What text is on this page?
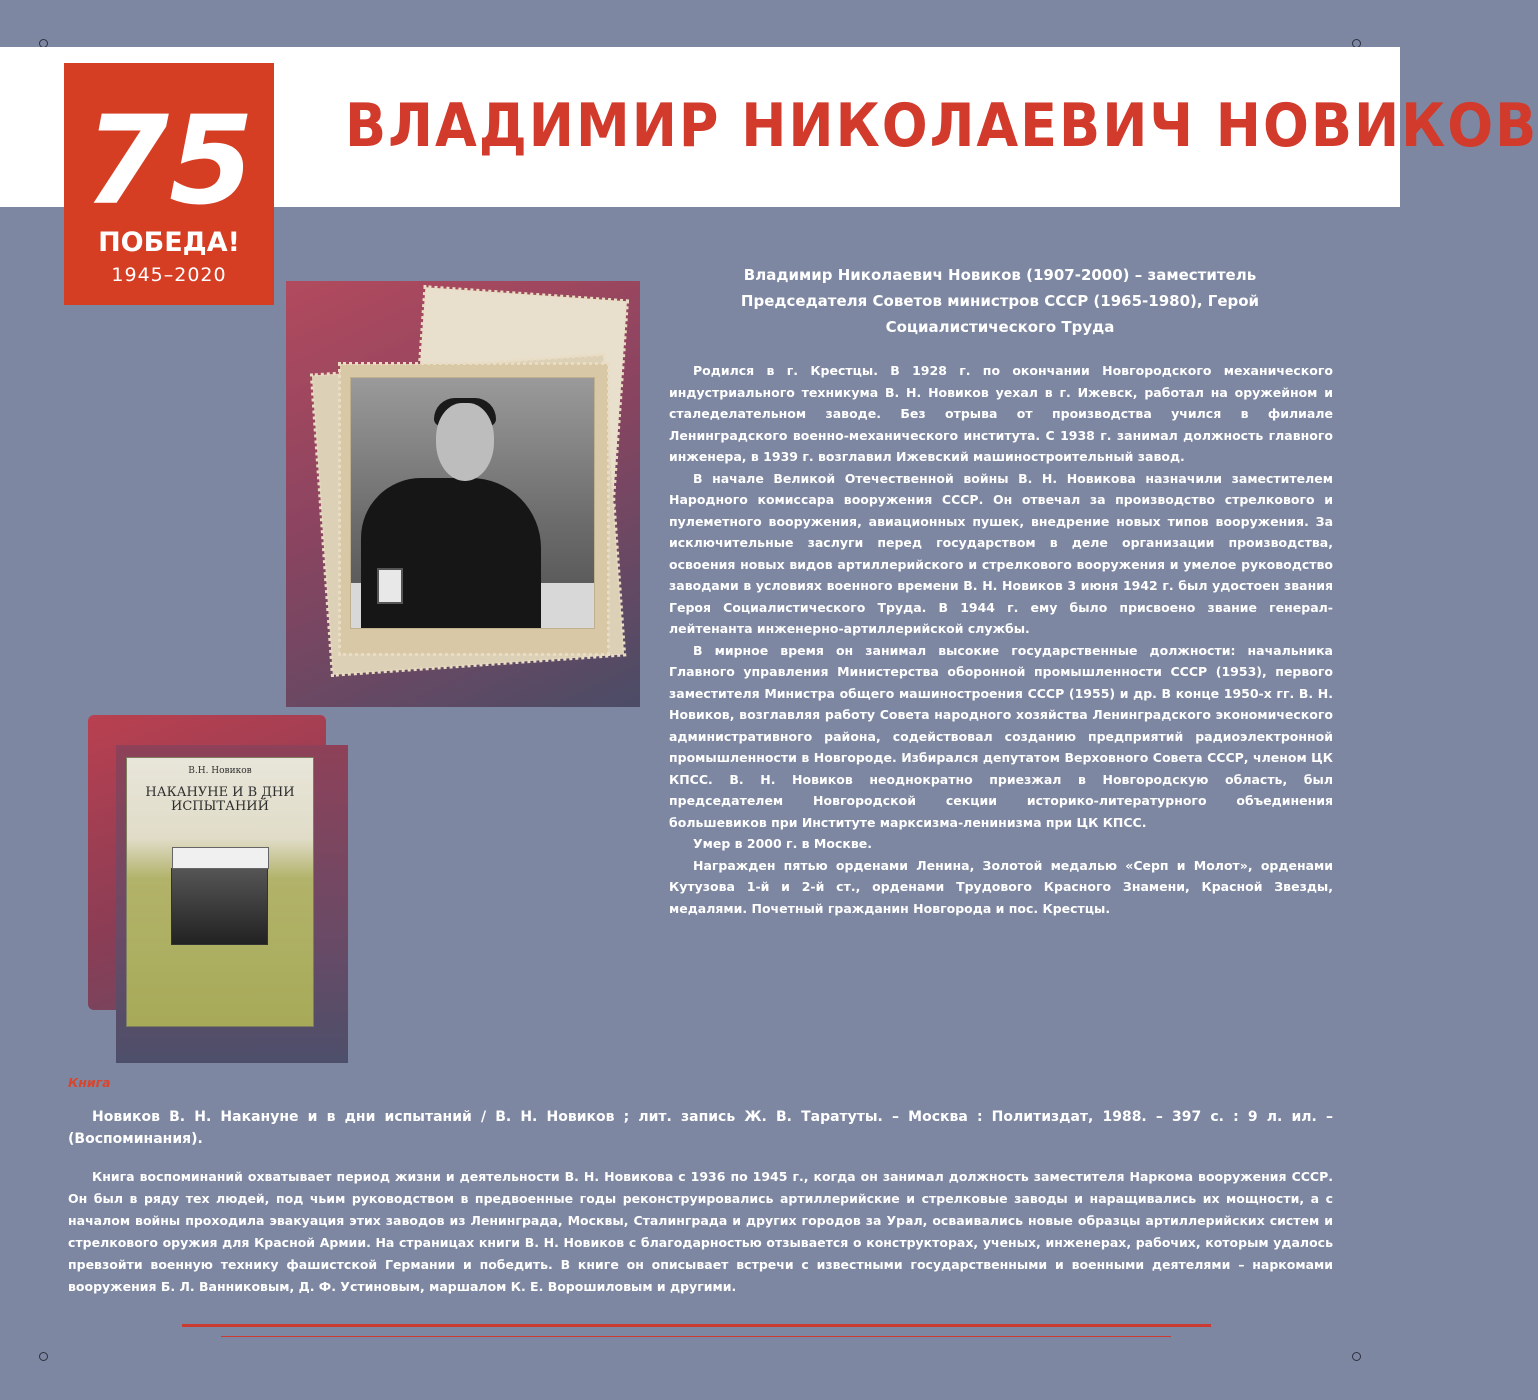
ВЛАДИМИР НИКОЛАЕВИЧ НОВИКОВ
75
ПОБЕДА!
1945–2020
В.Н. Новиков
НАКАНУНЕ И В ДНИ ИСПЫТАНИЙ

Владимир Николаевич Новиков (1907-2000) – заместитель Председателя Советов министров СССР (1965-1980), Герой Социалистического Труда

Родился в г. Крестцы. В 1928 г. по окончании Новгородского механического индустриального техникума В. Н. Новиков уехал в г. Ижевск, работал на оружейном и сталеделательном заводе. Без отрыва от производства учился в филиале Ленинградского военно-механического института. С 1938 г. занимал должность главного инженера, в 1939 г. возглавил Ижевский машиностроительный завод.

В начале Великой Отечественной войны В. Н. Новикова назначили заместителем Народного комиссара вооружения СССР. Он отвечал за производство стрелкового и пулеметного вооружения, авиационных пушек, внедрение новых типов вооружения. За исключительные заслуги перед государством в деле организации производства, освоения новых видов артиллерийского и стрелкового вооружения и умелое руководство заводами в условиях военного времени В. Н. Новиков 3 июня 1942 г. был удостоен звания Героя Социалистического Труда. В 1944 г. ему было присвоено звание генерал-лейтенанта инженерно-артиллерийской службы.

В мирное время он занимал высокие государственные должности: начальника Главного управления Министерства оборонной промышленности СССР (1953), первого заместителя Министра общего машиностроения СССР (1955) и др. В конце 1950-х гг. В. Н. Новиков, возглавляя работу Совета народного хозяйства Ленинградского экономического административного района, содействовал созданию предприятий радиоэлектронной промышленности в Новгороде. Избирался депутатом Верховного Совета СССР, членом ЦК КПСС. В. Н. Новиков неоднократно приезжал в Новгородскую область, был председателем Новгородской секции историко-литературного объединения большевиков при Институте марксизма-ленинизма при ЦК КПСС.

Умер в 2000 г. в Москве.

Награжден пятью орденами Ленина, Золотой медалью «Серп и Молот», орденами Кутузова 1-й и 2-й ст., орденами Трудового Красного Знамени, Красной Звезды, медалями. Почетный гражданин Новгорода и пос. Крестцы.

Книга

Новиков В. Н. Накануне и в дни испытаний / В. Н. Новиков ; лит. запись Ж. В. Таратуты. – Москва : Политиздат, 1988. – 397 с. : 9 л. ил. – (Воспоминания).

Книга воспоминаний охватывает период жизни и деятельности В. Н. Новикова с 1936 по 1945 г., когда он занимал должность заместителя Наркома вооружения СССР. Он был в ряду тех людей, под чьим руководством в предвоенные годы реконструировались артиллерийские и стрелковые заводы и наращивались их мощности, а с началом войны проходила эвакуация этих заводов из Ленинграда, Москвы, Сталинграда и других городов за Урал, осваивались новые образцы артиллерийских систем и стрелкового оружия для Красной Армии. На страницах книги В. Н. Новиков с благодарностью отзывается о конструкторах, ученых, инженерах, рабочих, которым удалось превзойти военную технику фашистской Германии и победить. В книге он описывает встречи с известными государственными и военными деятелями – наркомами вооружения Б. Л. Ванниковым, Д. Ф. Устиновым, маршалом К. Е. Ворошиловым и другими.
